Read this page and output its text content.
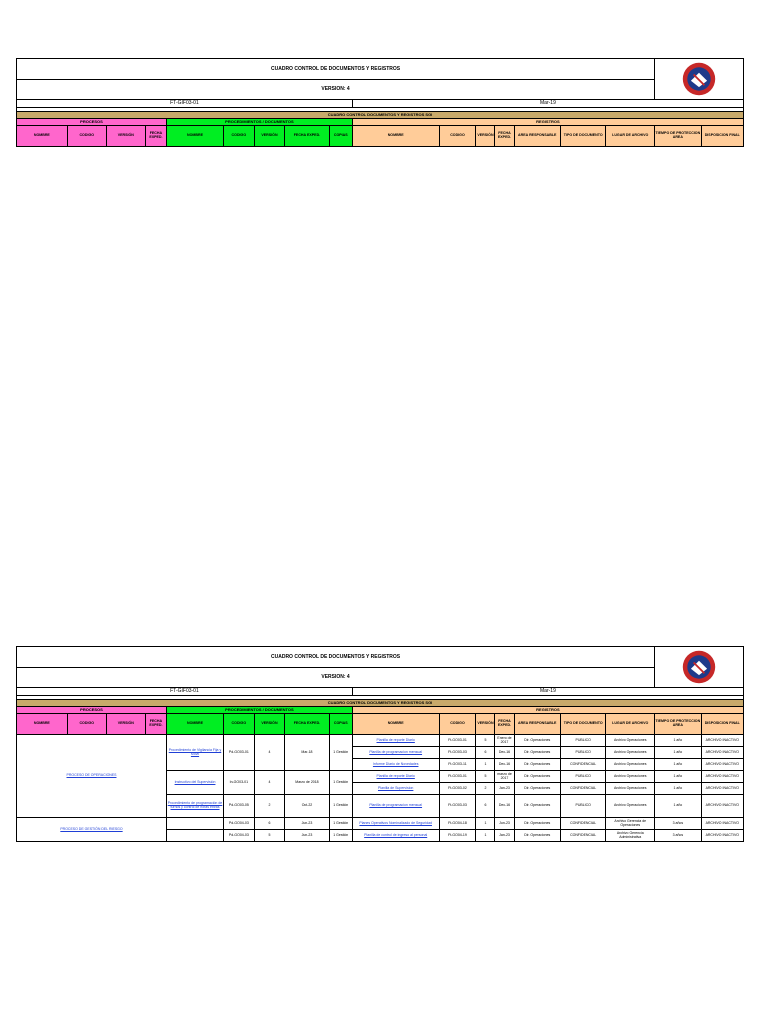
CUADRO CONTROL DE DOCUMENTOS Y REGISTROS	

VERSION: 4																	
FT-GIF03-01									Mar-19								

CUADRO CONTROL DOCUMENTOS Y REGISTROS SGI																	
PROCESOS				PROCEDIMIENTOS / DOCUMENTOS					REGISTROS								
NOMBRE	CODIGO	VERSIÓN	FECHA EXPED.	NOMBRE	CODIGO	VERSIÓN	FECHA EXPED.	COPIAS	NOMBRE	CODIGO	VERSIÓN	FECHA EXPED.	AREA RESPONSABLE	TIPO DE DOCUMENTO	LUGAR DE ARCHIVO	TIEMPO DE PROTECCION AREA	DISPOSICION FINAL
CUADRO CONTROL DE DOCUMENTOS Y REGISTROS	

VERSION: 4																	
FT-GIF03-01									Mar-19								

CUADRO CONTROL DOCUMENTOS Y REGISTROS SGI																	
PROCESOS				PROCEDIMIENTOS / DOCUMENTOS					REGISTROS								
NOMBRE	CODIGO	VERSIÓN	FECHA EXPED.	NOMBRE	CODIGO	VERSIÓN	FECHA EXPED.	COPIAS	NOMBRE	CODIGO	VERSIÓN	FECHA EXPED.	AREA RESPONSABLE	TIPO DE DOCUMENTO	LUGAR DE ARCHIVO	TIEMPO DE PROTECCION AREA	DISPOSICION FINAL
PROCESO DE OPERACIONES				Procedimiento de Vigilancia Fija y Móvil	Pd-GO03-01	4	Mar-18	1 Gestión	Planilla de reporte Diario	Ft-GO03-01	5	Enero de 2017	Dir. Operaciones	PUBLICO	Archivo Operaciones	1 año	ARCHIVO INACTIVO
									Planilla de programacion mensual	Ft-GO03-03	6	Dec-16	Dir. Operaciones	PUBLICO	Archivo Operaciones	1 año	ARCHIVO INACTIVO
									Informe Diario de Novedades	Ft-GO03-11	1	Dec-16	Dir. Operaciones	CONFIDENCIAL	Archivo Operaciones	1 año	ARCHIVO INACTIVO
				Instructivo del Supervisión	In-GO03-01	4	Marzo de 2018	1 Gestión	Planilla de reporte Diario	Ft-GO03-01	5	marzo de 2017	Dir. Operaciones	PUBLICO	Archivo Operaciones	1 año	ARCHIVO INACTIVO
									Planilla de Supervision	Ft-GO03-02	2	Jan-23	Dir. Operaciones	CONFIDENCIAL	Archivo Operaciones	1 año	ARCHIVO INACTIVO
				Procedimiento de programación de turnos y control de horas extras	Pd-GO03-05	2	Oct-22	1 Gestión	Planilla de programacion mensual	Ft-GO03-03	6	Dec-16	Dir. Operaciones	PUBLICO	Archivo Operaciones	1 año	ARCHIVO INACTIVO
PROCESO DE GESTIÓN DEL RIESGO					Pd-GO04-03	6	Jun-23	1 Gestión	Planes Operativos Nominalizado de Seguridad	Ft-GO04-18	1	Jun-23	Dir. Operaciones	CONFIDENCIAL	Archivo Gerencia de Operaciones	3 años	ARCHIVO INACTIVO
					Pd-GO04-03	5	Jun-23	1 Gestión	Planilla de control de ingreso al personal	Ft-GO04-19	1	Jan-23	Dir. Operaciones	CONFIDENCIAL	Archivo Gerencia Administrativa	3 años	ARCHIVO INACTIVO
